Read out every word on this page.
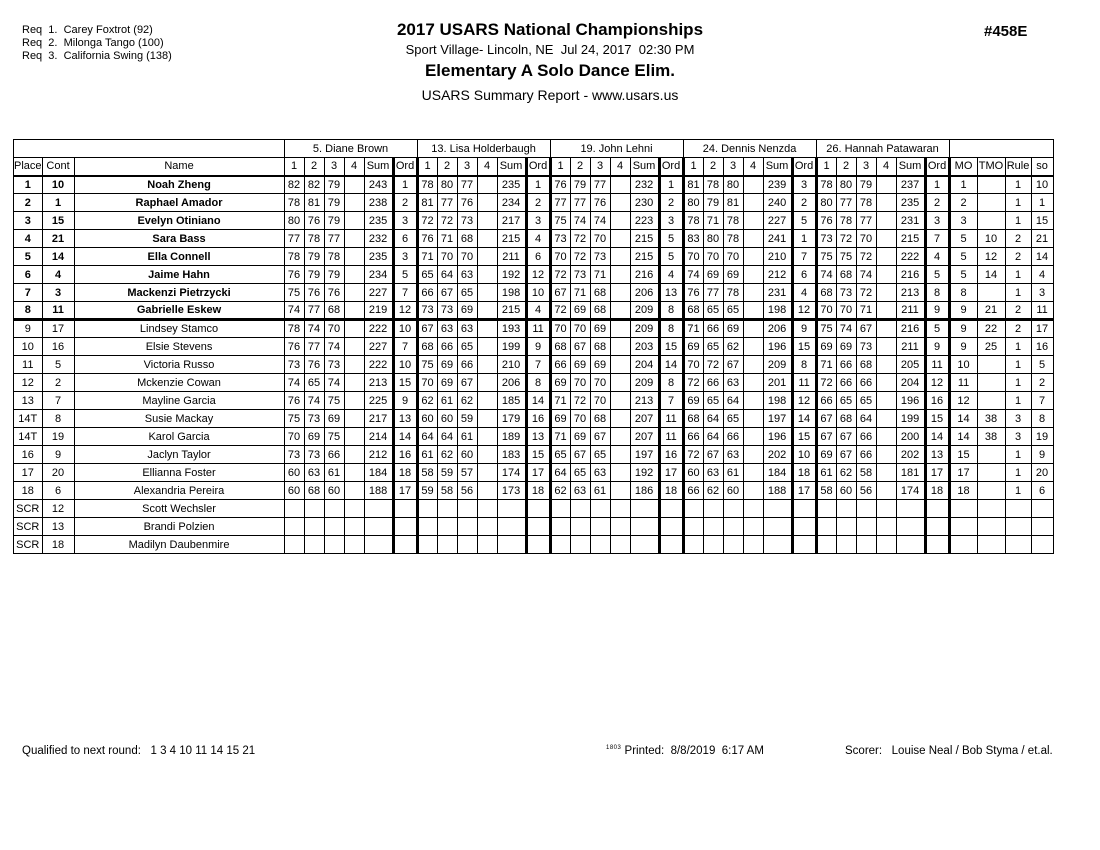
Req  1. Carey Foxtrot (92)
Req  2. Milonga Tango (100)
Req  3. California Swing (138)
2017 USARS National Championships
Sport Village- Lincoln, NE  Jul 24, 2017  02:30 PM
Elementary A Solo Dance Elim.
USARS Summary Report - www.usars.us
#458E
			5. Diane Brown						13. Lisa Holderbaugh						19. John Lehni						24. Dennis Nenzda						26. Hannah Patawaran									
Place	Cont	Name	1	2	3	4	Sum	Ord	1	2	3	4	Sum	Ord	1	2	3	4	Sum	Ord	1	2	3	4	Sum	Ord	1	2	3	4	Sum	Ord	MO	TMO	Rule	so
1	10	Noah Zheng	82	82	79		243	1	78	80	77		235	1	76	79	77		232	1	81	78	80		239	3	78	80	79		237	1	1		1	10
2	1	Raphael Amador	78	81	79		238	2	81	77	76		234	2	77	77	76		230	2	80	79	81		240	2	80	77	78		235	2	2		1	1
3	15	Evelyn Otiniano	80	76	79		235	3	72	72	73		217	3	75	74	74		223	3	78	71	78		227	5	76	78	77		231	3	3		1	15
4	21	Sara Bass	77	78	77		232	6	76	71	68		215	4	73	72	70		215	5	83	80	78		241	1	73	72	70		215	7	5	10	2	21
5	14	Ella Connell	78	79	78		235	3	71	70	70		211	6	70	72	73		215	5	70	70	70		210	7	75	75	72		222	4	5	12	2	14
6	4	Jaime Hahn	76	79	79		234	5	65	64	63		192	12	72	73	71		216	4	74	69	69		212	6	74	68	74		216	5	5	14	1	4
7	3	Mackenzi Pietrzycki	75	76	76		227	7	66	67	65		198	10	67	71	68		206	13	76	77	78		231	4	68	73	72		213	8	8		1	3
8	11	Gabrielle Eskew	74	77	68		219	12	73	73	69		215	4	72	69	68		209	8	68	65	65		198	12	70	70	71		211	9	9	21	2	11
9	17	Lindsey Stamco	78	74	70		222	10	67	63	63		193	11	70	70	69		209	8	71	66	69		206	9	75	74	67		216	5	9	22	2	17
10	16	Elsie Stevens	76	77	74		227	7	68	66	65		199	9	68	67	68		203	15	69	65	62		196	15	69	69	73		211	9	9	25	1	16
11	5	Victoria Russo	73	76	73		222	10	75	69	66		210	7	66	69	69		204	14	70	72	67		209	8	71	66	68		205	11	10		1	5
12	2	Mckenzie Cowan	74	65	74		213	15	70	69	67		206	8	69	70	70		209	8	72	66	63		201	11	72	66	66		204	12	11		1	2
13	7	Mayline Garcia	76	74	75		225	9	62	61	62		185	14	71	72	70		213	7	69	65	64		198	12	66	65	65		196	16	12		1	7
14T	8	Susie Mackay	75	73	69		217	13	60	60	59		179	16	69	70	68		207	11	68	64	65		197	14	67	68	64		199	15	14	38	3	8
14T	19	Karol Garcia	70	69	75		214	14	64	64	61		189	13	71	69	67		207	11	66	64	66		196	15	67	67	66		200	14	14	38	3	19
16	9	Jaclyn Taylor	73	73	66		212	16	61	62	60		183	15	65	67	65		197	16	72	67	63		202	10	69	67	66		202	13	15		1	9
17	20	Ellianna Foster	60	63	61		184	18	58	59	57		174	17	64	65	63		192	17	60	63	61		184	18	61	62	58		181	17	17		1	20
18	6	Alexandria Pereira	60	68	60		188	17	59	58	56		173	18	62	63	61		186	18	66	62	60		188	17	58	60	56		174	18	18		1	6
SCR	12	Scott Wechsler																																		
SCR	13	Brandi Polzien																																		
SCR	18	Madilyn Daubenmire																																		
Qualified to next round:   1 3 4 10 11 14 15 21	$^{1803}$ Printed:  8/8/2019  6:17 AM	Scorer:   Louise Neal / Bob Styma / et.al.
